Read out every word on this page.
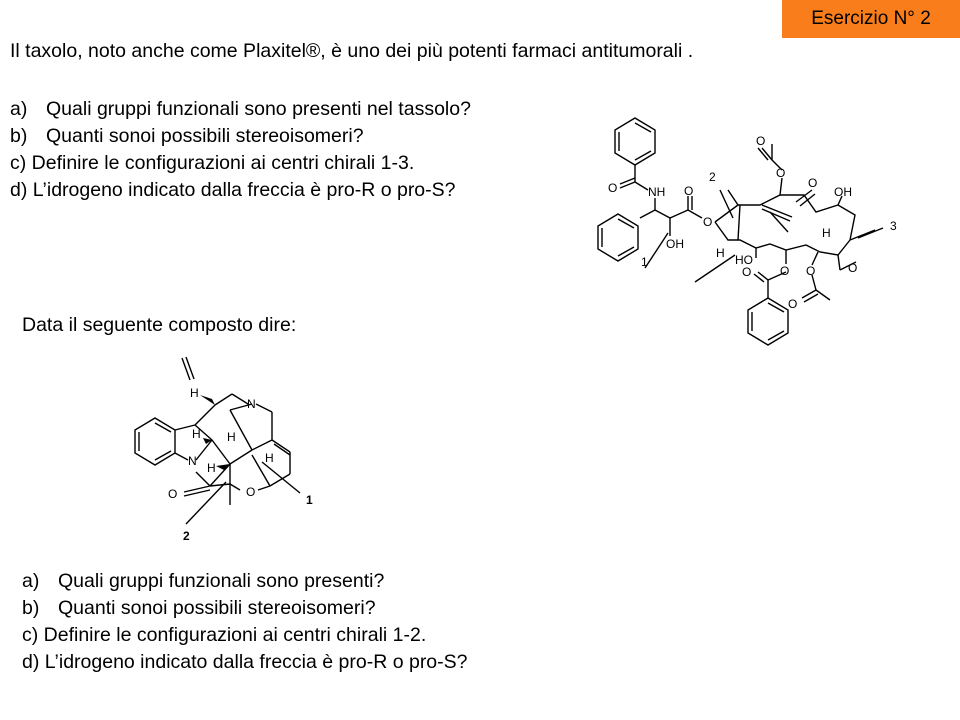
Esercizio N° 2
Il taxolo, noto anche come Plaxitel®, è uno dei più potenti farmaci antitumorali .

a) Quali gruppi funzionali sono presenti nel tassolo?

b) Quanti sonoi possibili stereoisomeri?

c) Definire le configurazioni ai centri chirali 1-3.

d) L’idrogeno indicato dalla freccia è pro-R o pro-S?

Data il seguente composto dire:

a) Quali gruppi funzionali sono presenti?

b) Quanti sonoi possibili stereoisomeri?

c) Definire le configurazioni ai centri chirali 1-2.

d) L’idrogeno indicato dalla freccia è pro-R o pro-S?

O
O
O
OH
O	NH O
O
OH
H
H HO
O O O	O
O
2
1
3
H
N
H H
N H
H
O	O
1
2
